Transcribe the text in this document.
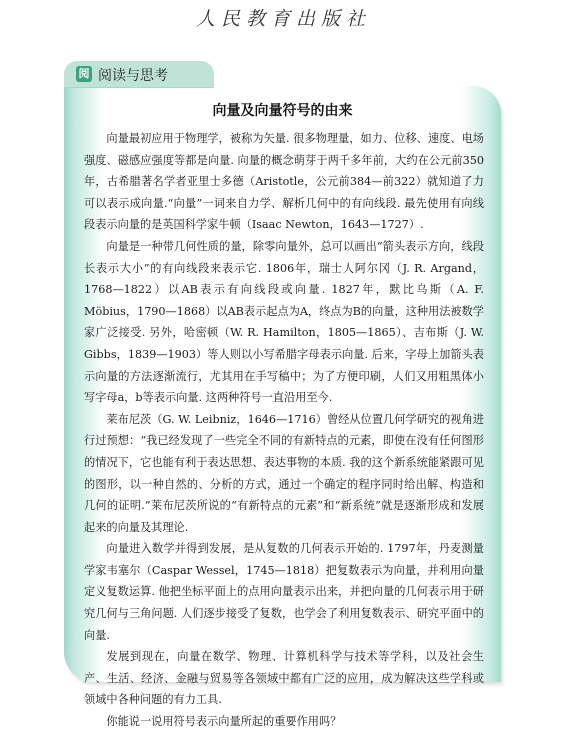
人民教育出版社
阅 阅读与思考
向量及向量符号的由来

向量最初应用于物理学，被称为矢量. 很多物理量，如力、位移、速度、电场强度、磁感应强度等都是向量. 向量的概念萌芽于两千多年前，大约在公元前350年，古希腊著名学者亚里士多德（Aristotle，公元前384—前322）就知道了力可以表示成向量.“向量”一词来自力学、解析几何中的有向线段. 最先使用有向线段表示向量的是英国科学家牛顿（Isaac Newton，1643—1727）.

向量是一种带几何性质的量，除零向量外，总可以画出“箭头表示方向，线段长表示大小”的有向线段来表示它. 1806年，瑞士人阿尔冈（J. R. Argand，1768—1822）以AB表示有向线段或向量. 1827年，默比乌斯（A. F. Möbius，1790—1868）以AB表示起点为A，终点为B的向量，这种用法被数学家广泛接受. 另外，哈密顿（W. R. Hamilton，1805—1865）、吉布斯（J. W. Gibbs，1839—1903）等人则以小写希腊字母表示向量. 后来，字母上加箭头表示向量的方法逐渐流行，尤其用在手写稿中；为了方便印刷，人们又用粗黑体小写字母a，b等表示向量. 这两种符号一直沿用至今.

莱布尼茨（G. W. Leibniz，1646—1716）曾经从位置几何学研究的视角进行过预想：“我已经发现了一些完全不同的有新特点的元素，即使在没有任何图形的情况下，它也能有利于表达思想、表达事物的本质. 我的这个新系统能紧跟可见的图形，以一种自然的、分析的方式，通过一个确定的程序同时给出解、构造和几何的证明.”莱布尼茨所说的“有新特点的元素”和“新系统”就是逐渐形成和发展起来的向量及其理论.

向量进入数学并得到发展，是从复数的几何表示开始的. 1797年，丹麦测量学家韦塞尔（Caspar Wessel，1745—1818）把复数表示为向量，并利用向量定义复数运算. 他把坐标平面上的点用向量表示出来，并把向量的几何表示用于研究几何与三角问题. 人们逐步接受了复数，也学会了利用复数表示、研究平面中的向量.

发展到现在，向量在数学、物理、计算机科学与技术等学科，以及社会生产、生活、经济、金融与贸易等各领域中都有广泛的应用，成为解决这些学科或领域中各种问题的有力工具.

你能说一说用符号表示向量所起的重要作用吗？
